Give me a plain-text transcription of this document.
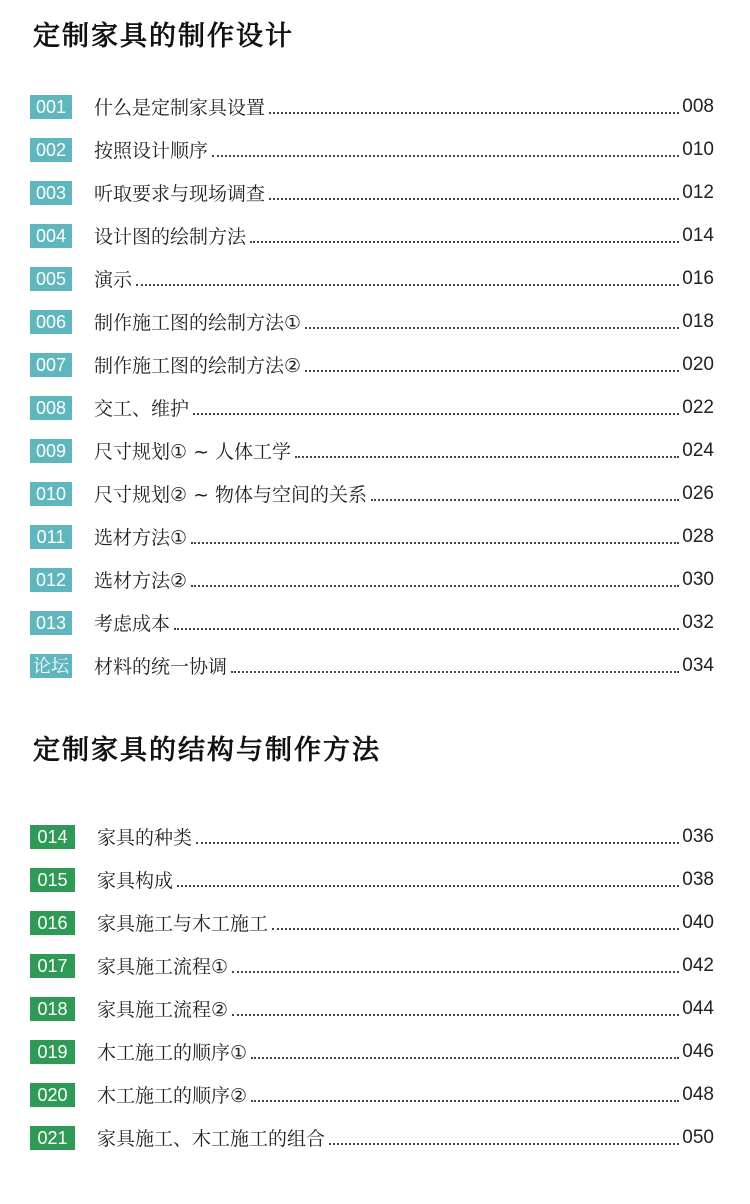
定制家具的制作设计
001	什么是定制家具设置	008
002	按照设计顺序	010
003	听取要求与现场调查	012
004	设计图的绘制方法	014
005	演示	016
006	制作施工图的绘制方法①	018
007	制作施工图的绘制方法②	020
008	交工、维护	022
009	尺寸规划① ~ 人体工学	024
010	尺寸规划② ~ 物体与空间的关系	026
011	选材方法①	028
012	选材方法②	030
013	考虑成本	032
论坛 材料的统一协调	034
定制家具的结构与制作方法
014	家具的种类	036
015	家具构成	038
016	家具施工与木工施工	040
017	家具施工流程①	042
018	家具施工流程②	044
019	木工施工的顺序①	046
020	木工施工的顺序②	048
021	家具施工、木工施工的组合	050
